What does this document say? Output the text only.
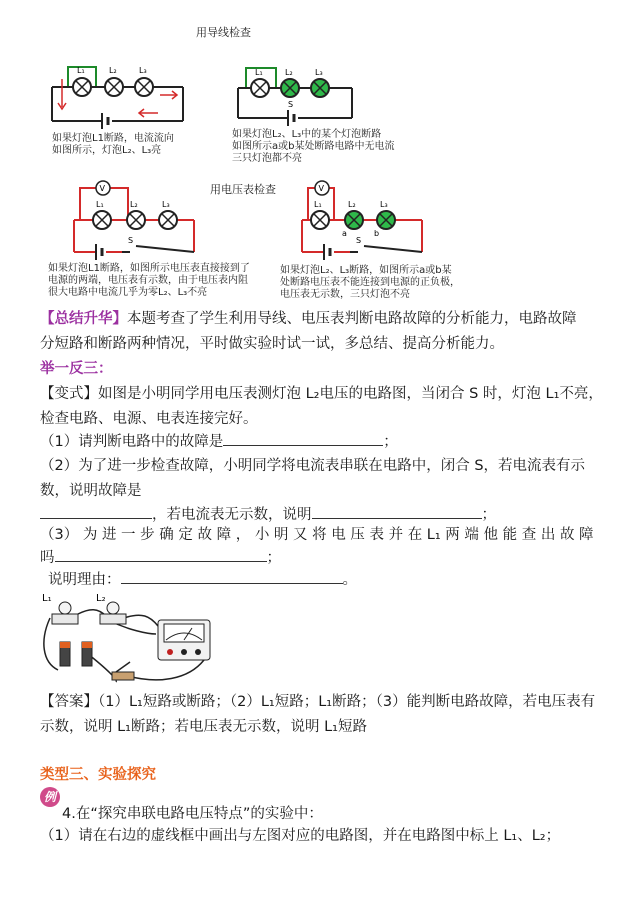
用导线检查
L₁	L₂	L₃
如果灯泡L1断路，电流流向
如图所示，灯泡L₂、L₃亮
L₁	L₂	L₃
S
如果灯泡L₂、L₃中的某个灯泡断路
如图所示a或b某处断路电路中无电流
三只灯泡都不亮
用电压表检查
V
L₁	L₂	L₃
S
如果灯泡L1断路，如图所示电压表直接接到了
电源的两端，电压表有示数，由于电压表内阻
很大电路中电流几乎为零L₂、L₃不亮
V
L₁	L₂	L₃
S
a	b
如果灯泡L₂、L₃断路，如图所示a或b某
处断路电压表不能连接到电源的正负极，
电压表无示数，三只灯泡不亮
【总结升华】本题考查了学生利用导线、电压表判断电路故障的分析能力，电路故障
分短路和断路两种情况，平时做实验时试一试，多总结、提高分析能力。
举一反三：
【变式】如图是小明同学用电压表测灯泡 L₂电压的电路图，当闭合 S 时，灯泡 L₁不亮，
检查电路、电源、电表连接完好。
（1）请判断电路中的故障是	；
（2）为了进一步检查故障，小明同学将电流表串联在电路中，闭合 S，若电流表有示
数，说明故障是
，若电流表无示数，说明	；
（3） 为 进 一 步 确 定 故 障 ， 小 明 又 将 电 压 表 并 在 L₁ 两 端 他 能 查 出 故 障
吗	；
说明理由：	。
L₁	L₂
【答案】（1）L₁短路或断路；（2）L₁短路；L₁断路；（3）能判断电路故障，若电压表有
示数，说明 L₁断路；若电压表无示数，说明 L₁短路
类型三、实验探究
例
4.在“探究串联电路电压特点”的实验中：
（1）请在右边的虚线框中画出与左图对应的电路图，并在电路图中标上 L₁、L₂；
